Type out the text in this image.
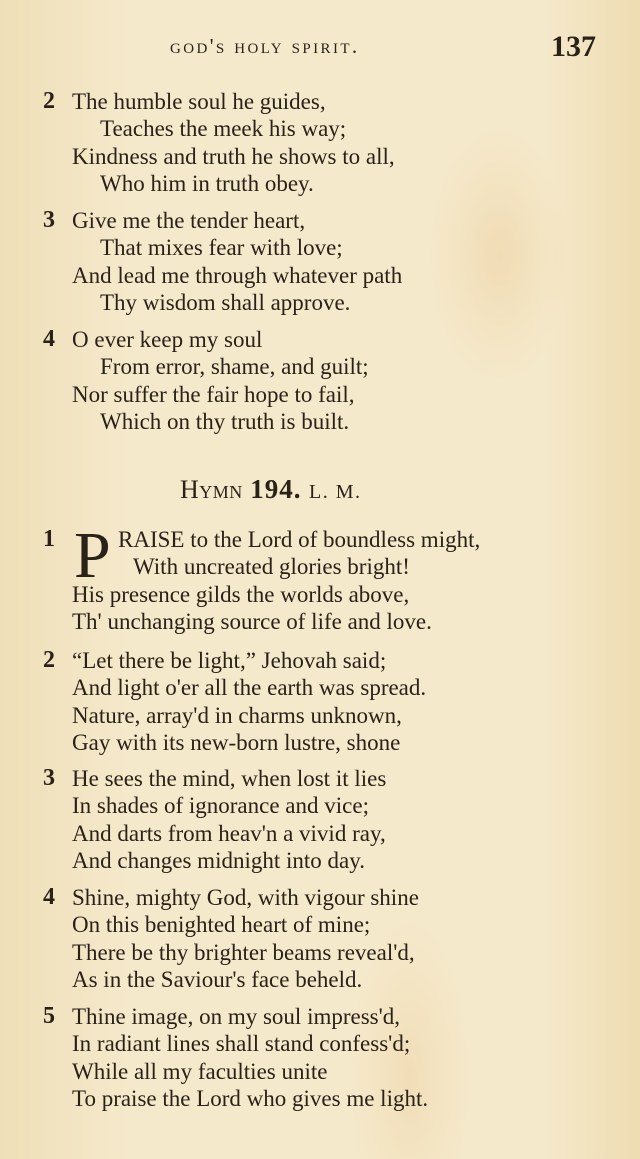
god's holy spirit.	137
2 The humble soul he guides,
Teaches the meek his way;
Kindness and truth he shows to all,
Who him in truth obey.
3 Give me the tender heart,
That mixes fear with love;
And lead me through whatever path
Thy wisdom shall approve.
4 O ever keep my soul
From error, shame, and guilt;
Nor suffer the fair hope to fail,
Which on thy truth is built.
Hymn 194. L. M.
1 P RAISE to the Lord of boundless might,
With uncreated glories bright!
His presence gilds the worlds above,
Th' unchanging source of life and love.
2 “Let there be light,” Jehovah said;
And light o'er all the earth was spread.
Nature, array'd in charms unknown,
Gay with its new-born lustre, shone
3 He sees the mind, when lost it lies
In shades of ignorance and vice;
And darts from heav'n a vivid ray,
And changes midnight into day.
4 Shine, mighty God, with vigour shine
On this benighted heart of mine;
There be thy brighter beams reveal'd,
As in the Saviour's face beheld.
5 Thine image, on my soul impress'd,
In radiant lines shall stand confess'd;
While all my faculties unite
To praise the Lord who gives me light.
